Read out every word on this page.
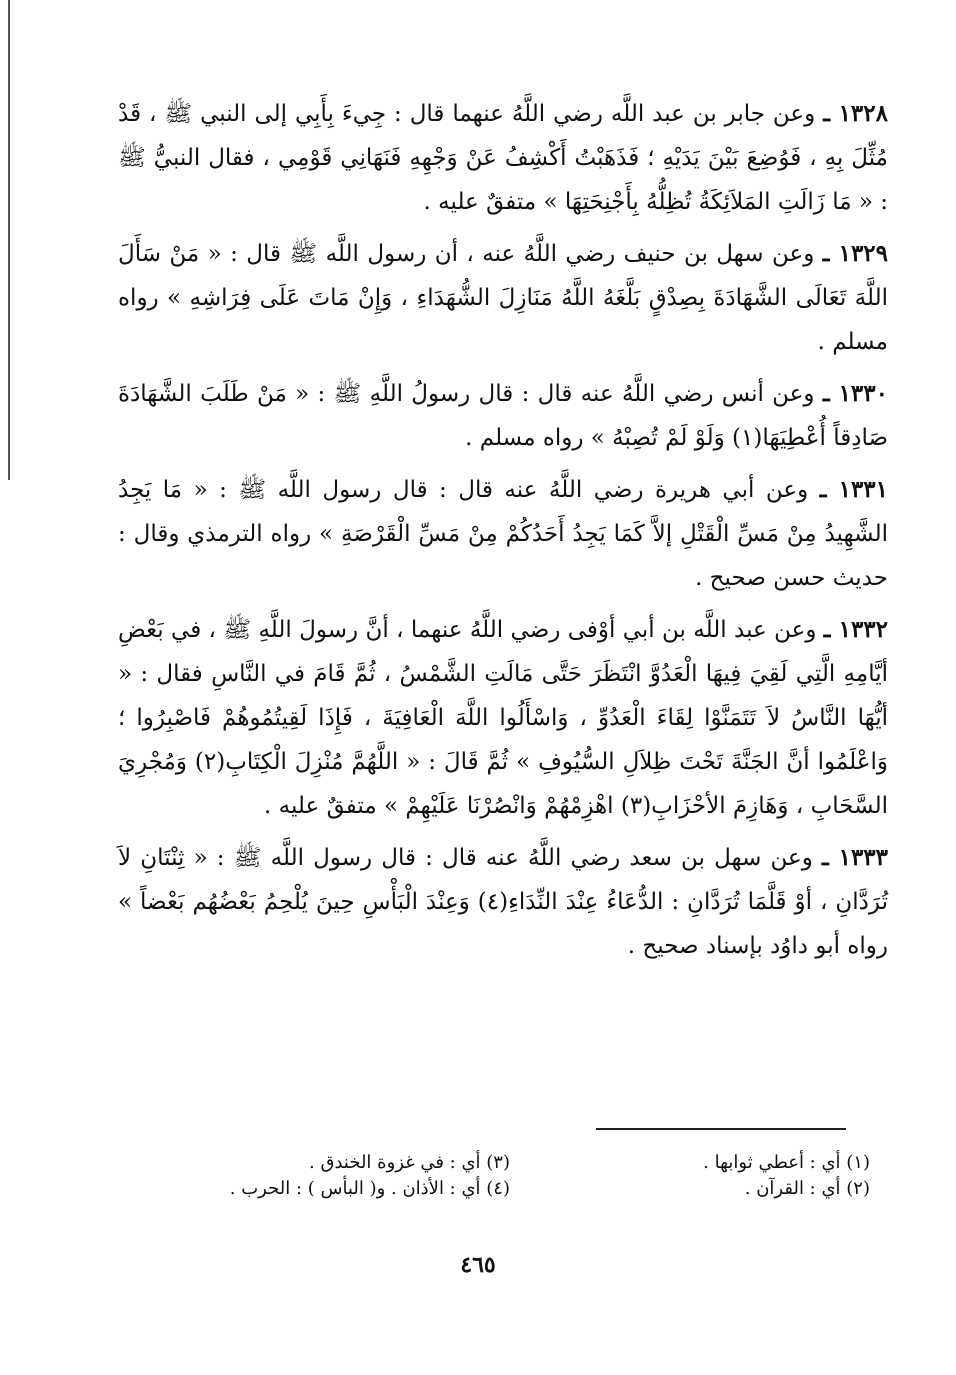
١٣٢٨ ـ وعن جابر بن عبد اللَّه رضي اللَّهُ عنهما قال : جِيءَ بِأَبِي إلى النبي ﷺ ، قَدْ مُثِّلَ بِهِ ، فَوُضِعَ بَيْنَ يَدَيْهِ ؛ فَذَهَبْتُ أَكْشِفُ عَنْ وَجْهِهِ فَنَهَانِي قَوْمِي ، فقال النبيُّ ﷺ : « مَا زَالَتِ المَلاَئِكَةُ تُظِلُّهُ بِأَجْنِحَتِهَا » متفقٌ عليه .

١٣٢٩ ـ وعن سهل بن حنيف رضي اللَّهُ عنه ، أن رسول اللَّه ﷺ قال : « مَنْ سَأَلَ اللَّهَ تَعَالَى الشَّهَادَةَ بِصِدْقٍ بَلَّغَهُ اللَّهُ مَنَازِلَ الشُّهَدَاءِ ، وَإِنْ مَاتَ عَلَى فِرَاشِهِ » رواه مسلم .

١٣٣٠ ـ وعن أنس رضي اللَّهُ عنه قال : قال رسولُ اللَّهِ ﷺ : « مَنْ طَلَبَ الشَّهَادَةَ صَادِقاً أُعْطِيَهَا(١) وَلَوْ لَمْ تُصِبْهُ » رواه مسلم .

١٣٣١ ـ وعن أبي هريرة رضي اللَّهُ عنه قال : قال رسول اللَّه ﷺ : « مَا يَجِدُ الشَّهِيدُ مِنْ مَسِّ الْقَتْلِ إلاَّ كَمَا يَجِدُ أَحَدُكُمْ مِنْ مَسِّ الْقَرْصَةِ » رواه الترمذي وقال : حديث حسن صحيح .

١٣٣٢ ـ وعن عبد اللَّه بن أبي أوْفى رضي اللَّهُ عنهما ، أنَّ رسولَ اللَّهِ ﷺ ، في بَعْضِ أيَّامِهِ الَّتِي لَقِيَ فِيهَا الْعَدُوَّ انْتَظَرَ حَتَّى مَالَتِ الشَّمْسُ ، ثُمَّ قَامَ في النَّاسِ فقال : « أيُّهَا النَّاسُ لاَ تَتَمَنَّوْا لِقَاءَ الْعَدُوِّ ، وَاسْأَلُوا اللَّهَ الْعَافِيَةَ ، فَإِذَا لَقِيتُمُوهُمْ فَاصْبِرُوا ؛ وَاعْلَمُوا أنَّ الجَنَّةَ تَحْتَ ظِلاَلِ السُّيُوفِ » ثُمَّ قَالَ : « اللَّهُمَّ مُنْزِلَ الْكِتَابِ(٢) وَمُجْرِيَ السَّحَابِ ، وَهَازِمَ الأحْزَابِ(٣) اهْزِمْهُمْ وَانْصُرْنَا عَلَيْهِمْ » متفقٌ عليه .

١٣٣٣ ـ وعن سهل بن سعد رضي اللَّهُ عنه قال : قال رسول اللَّه ﷺ : « ثِنْتَانِ لاَ تُرَدَّانِ ، أوْ قَلَّمَا تُرَدَّانِ : الدُّعَاءُ عِنْدَ النِّدَاءِ(٤) وَعِنْدَ الْبَأْسِ حِينَ يُلْحِمُ بَعْضُهُم بَعْضاً » رواه أبو داوُد بإسناد صحيح .

(١) أي : أعطي ثوابها .
(٢) أي : القرآن .
(٣) أي : في غزوة الخندق .
(٤) أي : الأذان . و( البأس ) : الحرب .
٤٦٥
